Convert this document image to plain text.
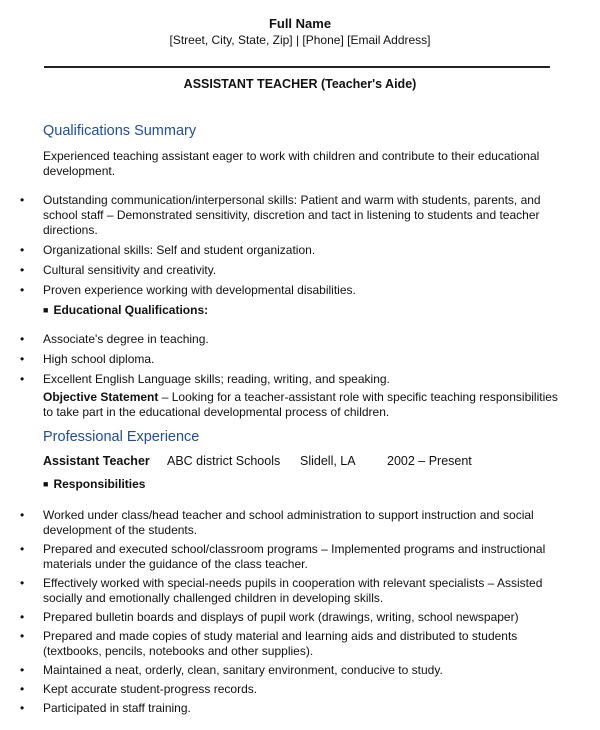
Full Name
[Street, City, State, Zip] | [Phone] [Email Address]
ASSISTANT TEACHER (Teacher's Aide)
Qualifications Summary
Experienced teaching assistant eager to work with children and contribute to their educational development.
• Outstanding communication/interpersonal skills: Patient and warm with students, parents, and school staff – Demonstrated sensitivity, discretion and tact in listening to students and teacher directions.
• Organizational skills: Self and student organization.
• Cultural sensitivity and creativity.
• Proven experience working with developmental disabilities.
■ Educational Qualifications:
• Associate's degree in teaching.
• High school diploma.
• Excellent English Language skills; reading, writing, and speaking.
Objective Statement – Looking for a teacher-assistant role with specific teaching responsibilities to take part in the educational developmental process of children.
Professional Experience
Assistant Teacher ABC district Schools Slidell, LA	2002 – Present
■ Responsibilities
• Worked under class/head teacher and school administration to support instruction and social development of the students.
• Prepared and executed school/classroom programs – Implemented programs and instructional materials under the guidance of the class teacher.
• Effectively worked with special-needs pupils in cooperation with relevant specialists – Assisted socially and emotionally challenged children in developing skills.
• Prepared bulletin boards and displays of pupil work (drawings, writing, school newspaper)
• Prepared and made copies of study material and learning aids and distributed to students (textbooks, pencils, notebooks and other supplies).
• Maintained a neat, orderly, clean, sanitary environment, conducive to study.
• Kept accurate student-progress records.
• Participated in staff training.
